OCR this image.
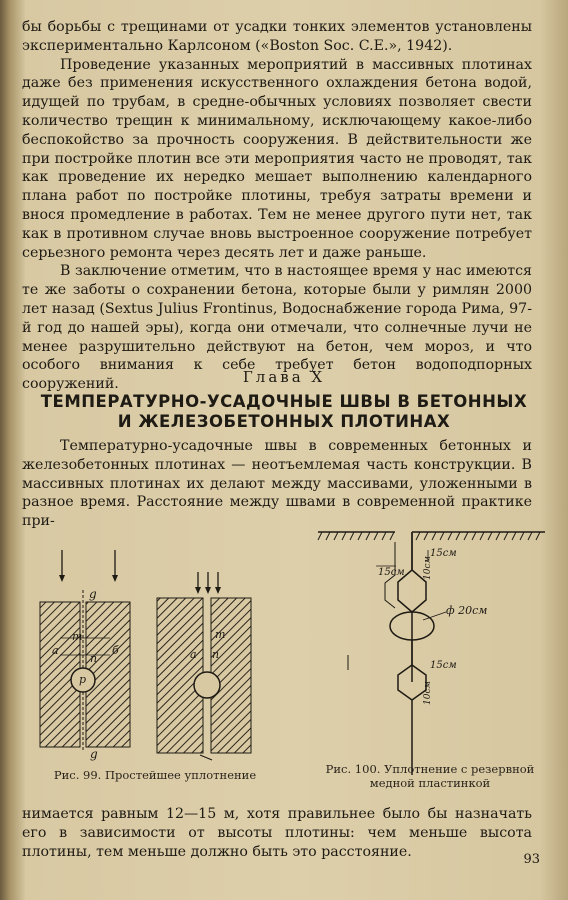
бы борьбы с трещинами от усадки тонких элементов установлены экспериментально Карлсоном («Boston Soc. C.E.», 1942).

Проведение указанных мероприятий в массивных плотинах даже без применения искусственного охлаждения бетона водой, идущей по трубам, в средне-обычных условиях позволяет свести количество трещин к минимальному, исключающему какое-либо беспокойство за прочность сооружения. В действительности же при постройке плотин все эти мероприятия часто не проводят, так как проведение их нередко мешает выполнению календарного плана работ по постройке плотины, требуя затраты времени и внося промедление в работах. Тем не менее другого пути нет, так как в противном случае вновь выстроенное сооружение потребует серьезного ремонта через десять лет и даже раньше.

В заключение отметим, что в настоящее время у нас имеются те же заботы о сохранении бетона, которые были у римлян 2000 лет назад (Sextus Julius Frontinus, Водоснабжение города Рима, 97-й год до нашей эры), когда они отмечали, что солнечные лучи не менее разрушительно действуют на бетон, чем мороз, и что особого внимания к себе требует бетон водоподпорных сооружений.	Глава X
ТЕМПЕРАТУРНО-УСАДОЧНЫЕ ШВЫ В БЕТОННЫХ
И ЖЕЛЕЗОБЕТОННЫХ ПЛОТИНАХ

Температурно-усадочные швы в современных бетонных и железобетонных плотинах — неотъемлемая часть конструкции. В массивных плотинах их делают между массивами, уложенными в разное время. Расстояние между швами в современной практике при-

g
g
m
a	б
n
p
m
a n
15см
15см 10см
ф 20см
15см
10см
Рис. 99. Простейшее уплотнение	Рис. 100. Уплотнение с резервной медной пластинкой

нимается равным 12—15 м, хотя правильнее было бы назначать его в зависимости от высоты плотины: чем меньше высота плотины, тем меньше должно быть это расстояние.	93
